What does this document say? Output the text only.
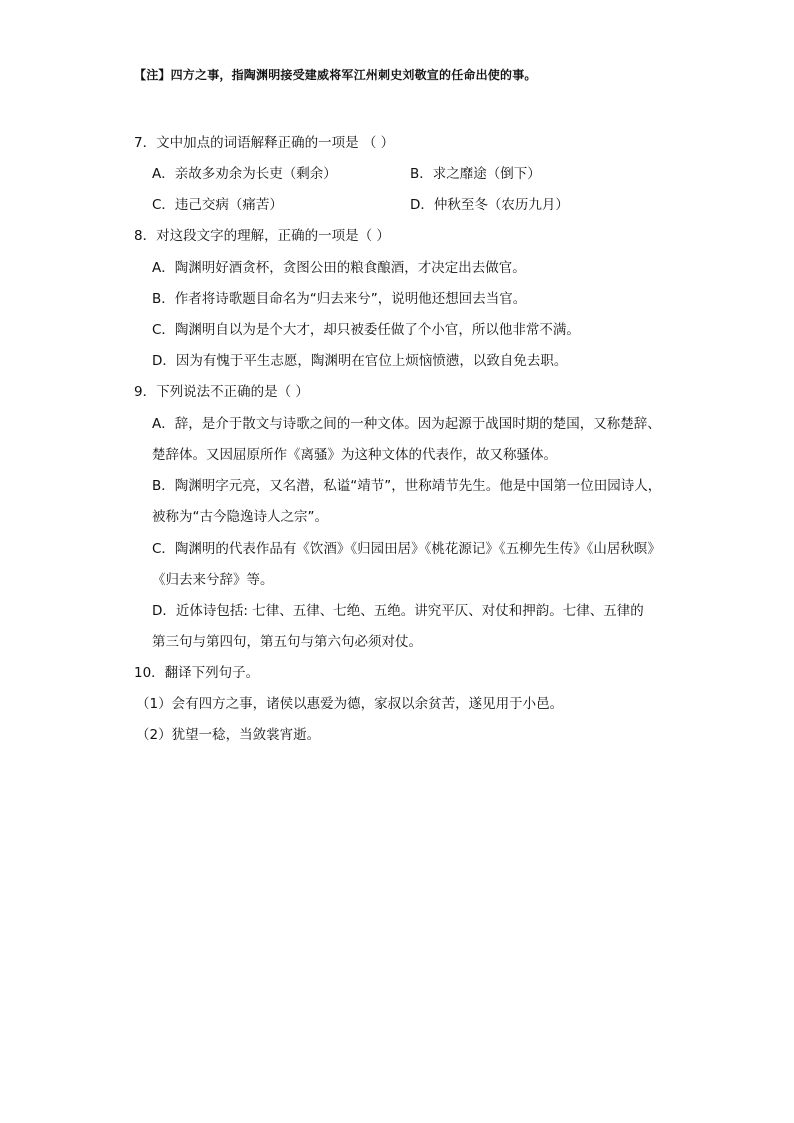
【注】四方之事，指陶渊明接受建威将军江州刺史刘敬宣的任命出使的事。
7．文中加点的词语解释正确的一项是 （ ）
A．亲故多劝余为长吏（剩余）	B．求之靡途（倒下）
C．违己交病（痛苦）	D．仲秋至冬（农历九月）
8．对这段文字的理解，正确的一项是（ ）
A．陶渊明好酒贪杯，贪图公田的粮食酿酒，才决定出去做官。
B．作者将诗歌题目命名为“归去来兮”，说明他还想回去当官。
C．陶渊明自以为是个大才，却只被委任做了个小官，所以他非常不满。
D．因为有愧于平生志愿，陶渊明在官位上烦恼愤懑，以致自免去职。
9．下列说法不正确的是（ ）
A．辞，是介于散文与诗歌之间的一种文体。因为起源于战国时期的楚国，又称楚辞、
楚辞体。又因屈原所作《离骚》为这种文体的代表作，故又称骚体。
B．陶渊明字元亮，又名潜，私谥“靖节”，世称靖节先生。他是中国第一位田园诗人，
被称为“古今隐逸诗人之宗”。
C．陶渊明的代表作品有《饮酒》《归园田居》《桃花源记》《五柳先生传》《山居秋暝》
《归去来兮辞》等。
D．近体诗包括: 七律、五律、七绝、五绝。讲究平仄、对仗和押韵。七律、五律的
第三句与第四句，第五句与第六句必须对仗。
10．翻译下列句子。
（1）会有四方之事，诸侯以惠爱为德，家叔以余贫苦，遂见用于小邑。
（2）犹望一稔，当敛裳宵逝。
